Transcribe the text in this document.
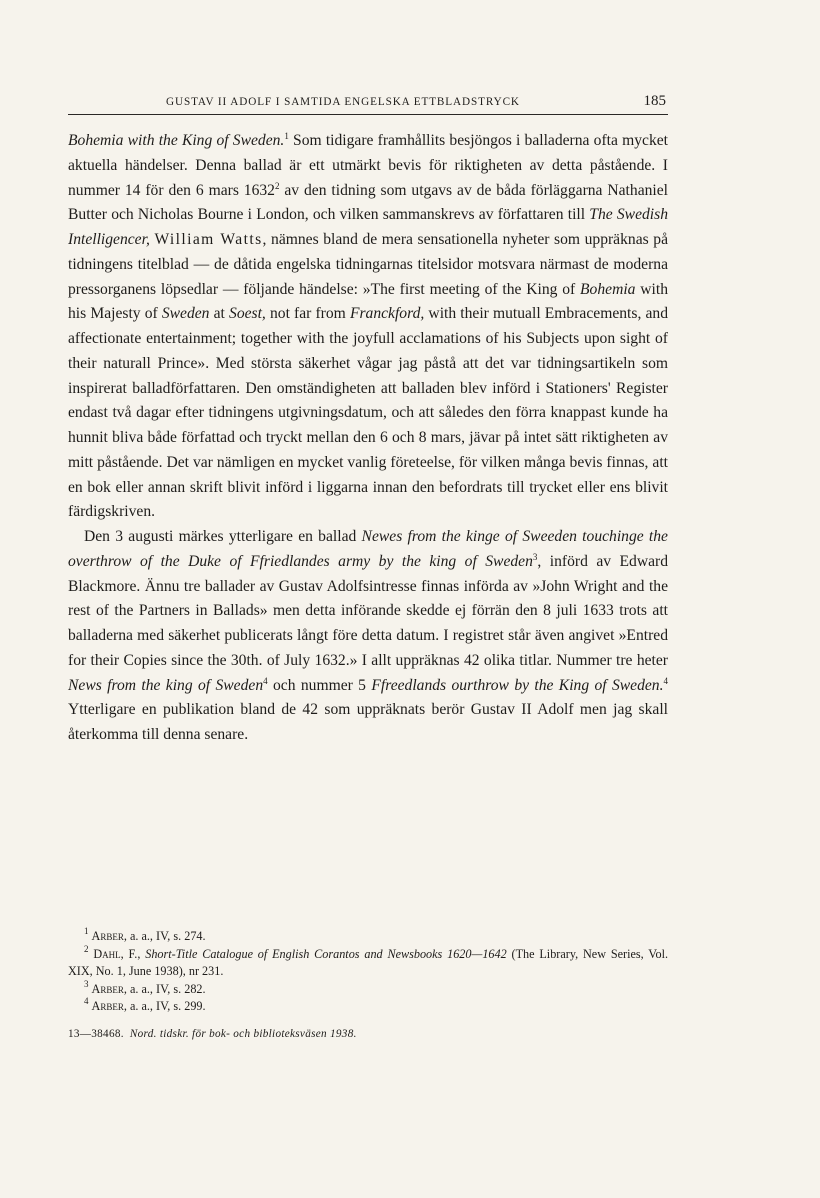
GUSTAV II ADOLF I SAMTIDA ENGELSKA ETTBLADSTRYCK	185

Bohemia with the King of Sweden.$^1$ Som tidigare framhållits besjöngos i balladerna ofta mycket aktuella händelser. Denna ballad är ett utmärkt bevis för riktigheten av detta påstående. I nummer 14 för den 6 mars 1632$^2$ av den tidning som utgavs av de båda förläggarna Nathaniel Butter och Nicholas Bourne i London, och vilken sammanskrevs av författaren till The Swedish Intelligencer, William Watts, nämnes bland de mera sensationella nyheter som uppräknas på tidningens titelblad — de dåtida engelska tidningarnas titelsidor motsvara närmast de moderna pressorganens löpsedlar — följande händelse: »The first meeting of the King of Bohemia with his Majesty of Sweden at Soest, not far from Franckford, with their mutuall Embracements, and affectionate entertainment; together with the joyfull acclamations of his Subjects upon sight of their naturall Prince». Med största säkerhet vågar jag påstå att det var tidningsartikeln som inspirerat balladförfattaren. Den omständigheten att balladen blev införd i Stationers' Register endast två dagar efter tidningens utgivningsdatum, och att således den förra knappast kunde ha hunnit bliva både författad och tryckt mellan den 6 och 8 mars, jävar på intet sätt riktigheten av mitt påstående. Det var nämligen en mycket vanlig företeelse, för vilken många bevis finnas, att en bok eller annan skrift blivit införd i liggarna innan den befordrats till trycket eller ens blivit färdigskriven.

Den 3 augusti märkes ytterligare en ballad Newes from the kinge of Sweeden touchinge the overthrow of the Duke of Ffriedlandes army by the king of Sweden$^3$, införd av Edward Blackmore. Ännu tre ballader av Gustav Adolfsintresse finnas införda av »John Wright and the rest of the Partners in Ballads» men detta införande skedde ej förrän den 8 juli 1633 trots att balladerna med säkerhet publicerats långt före detta datum. I registret står även angivet »Entred for their Copies since the 30th. of July 1632.» I allt uppräknas 42 olika titlar. Nummer tre heter News from the king of Sweden$^4$ och nummer 5 Ffreedlands ourthrow by the King of Sweden.$^4$ Ytterligare en publikation bland de 42 som uppräknats berör Gustav II Adolf men jag skall återkomma till denna senare.

$^1$ Arber, a. a., IV, s. 274.

$^2$ Dahl, F., Short-Title Catalogue of English Corantos and Newsbooks 1620—1642 (The Library, New Series, Vol. XIX, No. 1, June 1938), nr 231.

$^3$ Arber, a. a., IV, s. 282.

$^4$ Arber, a. a., IV, s. 299.

13—38468. Nord. tidskr. för bok- och biblioteksväsen 1938.
